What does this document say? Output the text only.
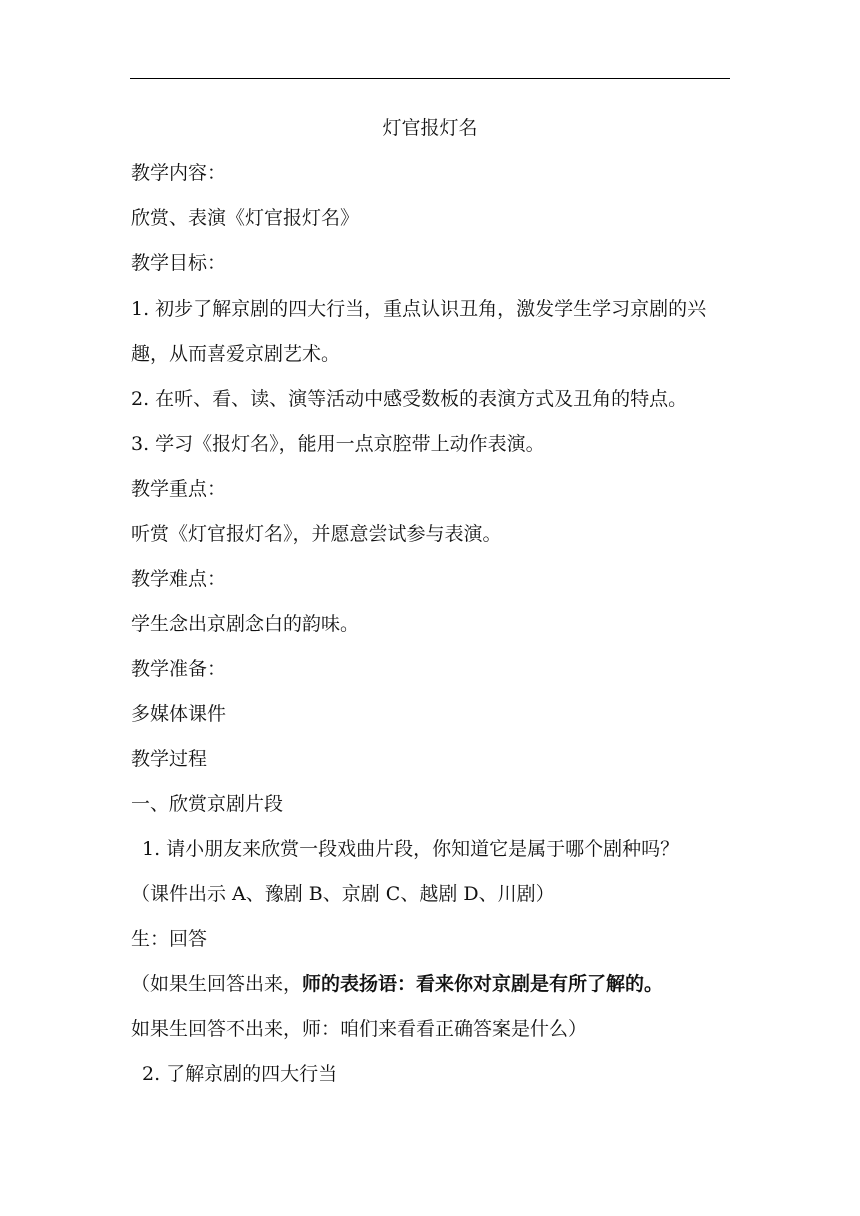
灯官报灯名
教学内容：
欣赏、表演《灯官报灯名》
教学目标：
1. 初步了解京剧的四大行当，重点认识丑角，激发学生学习京剧的兴
趣，从而喜爱京剧艺术。
2. 在听、看、读、演等活动中感受数板的表演方式及丑角的特点。
3. 学习《报灯名》，能用一点京腔带上动作表演。
教学重点：
听赏《灯官报灯名》，并愿意尝试参与表演。
教学难点：
学生念出京剧念白的韵味。
教学准备：
多媒体课件
教学过程
一、欣赏京剧片段
1. 请小朋友来欣赏一段戏曲片段，你知道它是属于哪个剧种吗？
（课件出示 A、豫剧 B、京剧 C、越剧 D、川剧）
生：回答
（如果生回答出来，师的表扬语：看来你对京剧是有所了解的。
如果生回答不出来，师：咱们来看看正确答案是什么）
2. 了解京剧的四大行当
